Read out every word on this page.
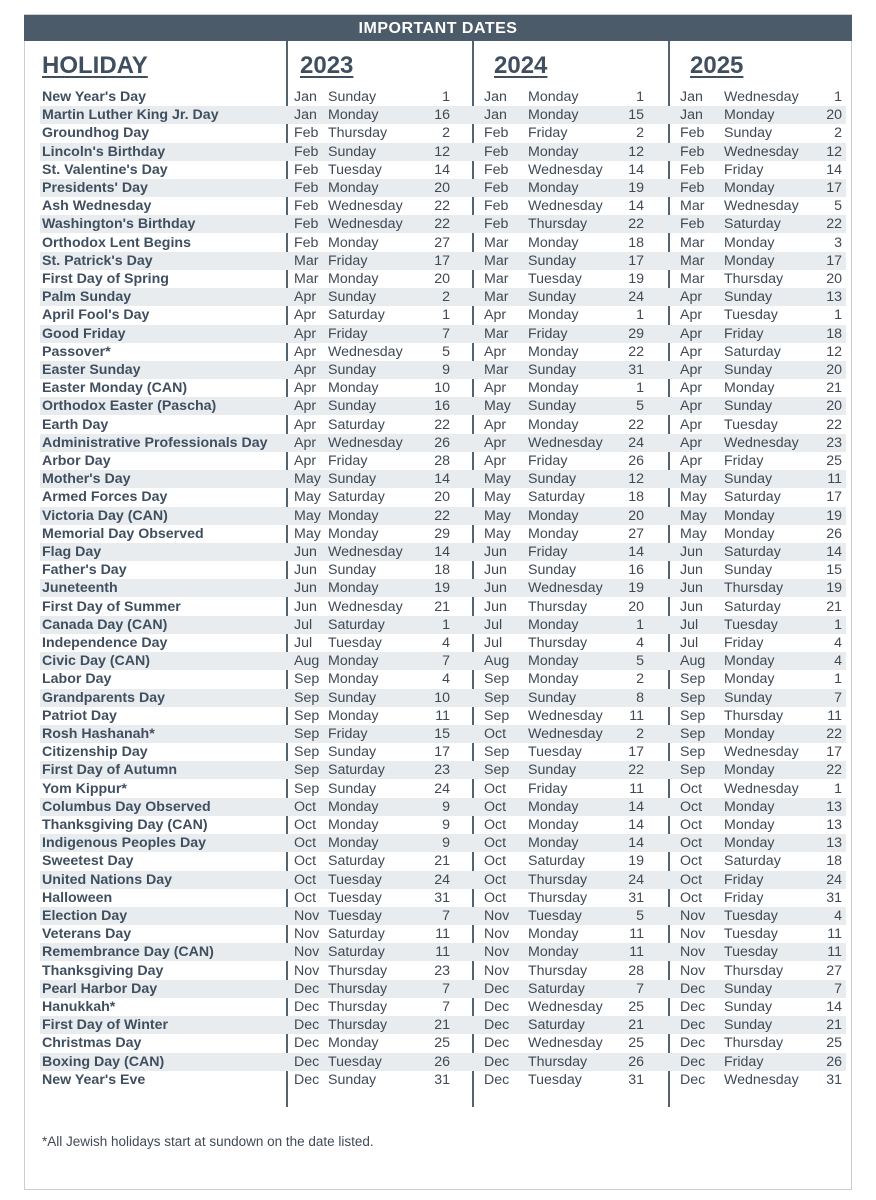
IMPORTANT DATES
HOLIDAY	2023	2024	2025
New Year's Day	Jan Sunday	1 Jan Monday	1	Jan Wednesday	1
Martin Luther King Jr. Day	Jan Monday	16 Jan Monday	15	Jan Monday	20
Groundhog Day	Feb Thursday	2 Feb Friday	2	Feb Sunday	2
Lincoln's Birthday	Feb Sunday	12 Feb Monday	12	Feb Wednesday	12
St. Valentine's Day	Feb Tuesday	14 Feb Wednesday	14	Feb Friday	14
Presidents' Day	Feb Monday	20 Feb Monday	19	Feb Monday	17
Ash Wednesday	Feb Wednesday	22 Feb Wednesday	14	Mar Wednesday	5
Washington's Birthday	Feb Wednesday	22 Feb Thursday	22	Feb Saturday	22
Orthodox Lent Begins	Feb Monday	27 Mar Monday	18	Mar Monday	3
St. Patrick's Day	Mar Friday	17 Mar Sunday	17	Mar Monday	17
First Day of Spring	Mar Monday	20 Mar Tuesday	19	Mar Thursday	20
Palm Sunday	Apr Sunday	2 Mar Sunday	24	Apr Sunday	13
April Fool's Day	Apr Saturday	1 Apr Monday	1	Apr Tuesday	1
Good Friday	Apr Friday	7 Mar Friday	29	Apr Friday	18
Passover*	Apr Wednesday	5 Apr Monday	22	Apr Saturday	12
Easter Sunday	Apr Sunday	9 Mar Sunday	31	Apr Sunday	20
Easter Monday (CAN)	Apr Monday	10 Apr Monday	1	Apr Monday	21
Orthodox Easter (Pascha)	Apr Sunday	16 May Sunday	5	Apr Sunday	20
Earth Day	Apr Saturday	22 Apr Monday	22	Apr Tuesday	22
Administrative Professionals Day Apr Wednesday	26 Apr Wednesday	24	Apr Wednesday	23
Arbor Day	Apr Friday	28 Apr Friday	26	Apr Friday	25
Mother's Day	May Sunday	14 May Sunday	12	May Sunday	11
Armed Forces Day	May Saturday	20 May Saturday	18	May Saturday	17
Victoria Day (CAN)	May Monday	22 May Monday	20	May Monday	19
Memorial Day Observed	May Monday	29 May Monday	27	May Monday	26
Flag Day	Jun Wednesday	14 Jun Friday	14	Jun Saturday	14
Father's Day	Jun Sunday	18 Jun Sunday	16	Jun Sunday	15
Juneteenth	Jun Monday	19 Jun Wednesday	19	Jun Thursday	19
First Day of Summer	Jun Wednesday	21 Jun Thursday	20	Jun Saturday	21
Canada Day (CAN)	Jul Saturday	1 Jul Monday	1	Jul Tuesday	1
Independence Day	Jul Tuesday	4 Jul Thursday	4	Jul Friday	4
Civic Day (CAN)	Aug Monday	7 Aug Monday	5	Aug Monday	4
Labor Day	Sep Monday	4 Sep Monday	2	Sep Monday	1
Grandparents Day	Sep Sunday	10 Sep Sunday	8	Sep Sunday	7
Patriot Day	Sep Monday	11 Sep Wednesday	11	Sep Thursday	11
Rosh Hashanah*	Sep Friday	15 Oct Wednesday	2	Sep Monday	22
Citizenship Day	Sep Sunday	17 Sep Tuesday	17	Sep Wednesday	17
First Day of Autumn	Sep Saturday	23 Sep Sunday	22	Sep Monday	22
Yom Kippur*	Sep Sunday	24 Oct Friday	11	Oct Wednesday	1
Columbus Day Observed	Oct Monday	9 Oct Monday	14	Oct Monday	13
Thanksgiving Day (CAN)	Oct Monday	9 Oct Monday	14	Oct Monday	13
Indigenous Peoples Day	Oct Monday	9 Oct Monday	14	Oct Monday	13
Sweetest Day	Oct Saturday	21 Oct Saturday	19	Oct Saturday	18
United Nations Day	Oct Tuesday	24 Oct Thursday	24	Oct Friday	24
Halloween	Oct Tuesday	31 Oct Thursday	31	Oct Friday	31
Election Day	Nov Tuesday	7 Nov Tuesday	5	Nov Tuesday	4
Veterans Day	Nov Saturday	11 Nov Monday	11	Nov Tuesday	11
Remembrance Day (CAN)	Nov Saturday	11 Nov Monday	11	Nov Tuesday	11
Thanksgiving Day	Nov Thursday	23 Nov Thursday	28	Nov Thursday	27
Pearl Harbor Day	Dec Thursday	7 Dec Saturday	7	Dec Sunday	7
Hanukkah*	Dec Thursday	7 Dec Wednesday	25	Dec Sunday	14
First Day of Winter	Dec Thursday	21 Dec Saturday	21	Dec Sunday	21
Christmas Day	Dec Monday	25 Dec Wednesday	25	Dec Thursday	25
Boxing Day (CAN)	Dec Tuesday	26 Dec Thursday	26	Dec Friday	26
New Year's Eve	Dec Sunday	31 Dec Tuesday	31	Dec Wednesday	31
*All Jewish holidays start at sundown on the date listed.
